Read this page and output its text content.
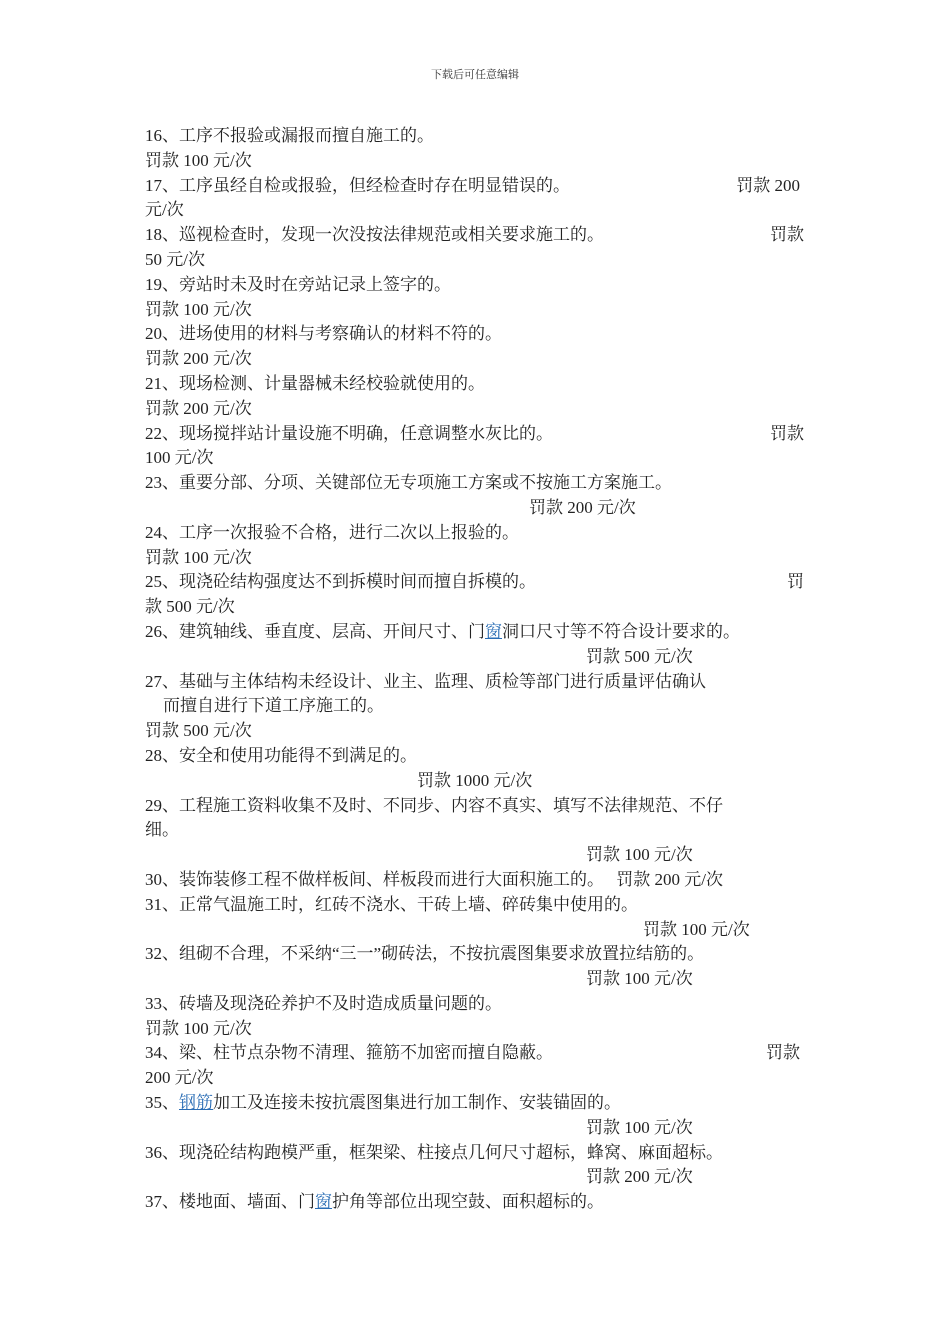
下载后可任意编辑
16、工序不报验或漏报而擅自施工的。
罚款 100 元/次
17、工序虽经自检或报验，但经检查时存在明显错误的。	罚款 200
元/次
18、巡视检查时，发现一次没按法律规范或相关要求施工的。	罚款
50 元/次
19、旁站时未及时在旁站记录上签字的。
罚款 100 元/次
20、进场使用的材料与考察确认的材料不符的。
罚款 200 元/次
21、现场检测、计量器械未经校验就使用的。
罚款 200 元/次
22、现场搅拌站计量设施不明确，任意调整水灰比的。	罚款
100 元/次
23、重要分部、分项、关键部位无专项施工方案或不按施工方案施工。
罚款 200 元/次
24、工序一次报验不合格，进行二次以上报验的。
罚款 100 元/次
25、现浇砼结构强度达不到拆模时间而擅自拆模的。	罚
款 500 元/次
26、建筑轴线、垂直度、层高、开间尺寸、门窗洞口尺寸等不符合设计要求的。
罚款 500 元/次
27、基础与主体结构未经设计、业主、监理、质检等部门进行质量评估确认
而擅自进行下道工序施工的。
罚款 500 元/次
28、安全和使用功能得不到满足的。
罚款 1000 元/次
29、工程施工资料收集不及时、不同步、内容不真实、填写不法律规范、不仔
细。
罚款 100 元/次
30、装饰装修工程不做样板间、样板段而进行大面积施工的。 罚款 200 元/次
31、正常气温施工时，红砖不浇水、干砖上墙、碎砖集中使用的。
罚款 100 元/次
32、组砌不合理，不采纳“三一”砌砖法，不按抗震图集要求放置拉结筋的。
罚款 100 元/次
33、砖墙及现浇砼养护不及时造成质量问题的。
罚款 100 元/次
34、梁、柱节点杂物不清理、箍筋不加密而擅自隐蔽。	罚款
200 元/次
35、钢筋加工及连接未按抗震图集进行加工制作、安装锚固的。
罚款 100 元/次
36、现浇砼结构跑模严重，框架梁、柱接点几何尺寸超标，蜂窝、麻面超标。
罚款 200 元/次
37、楼地面、墙面、门窗护角等部位出现空鼓、面积超标的。
